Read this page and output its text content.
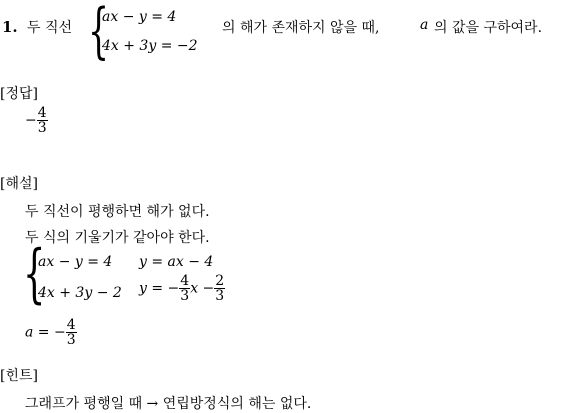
1. 두 직선 {
ax − y = 4
4x + 3y = −2
의 해가 존재하지 않을 때,	a 의 값을 구하여라.
[정답]
− $\frac{4}{3}$
[해설]
두 직선이 평행하면 해가 없다.
두 식의 기울기가 같아야 한다.
{
ax − y = 4 y = ax − 4
4x + 3y − 2 y = − $\frac{4}{3}$ $x - \frac{2}{3}$
a = − $\frac{4}{3}$
[힌트]
그래프가 평행일 때 → 연립방정식의 해는 없다.
